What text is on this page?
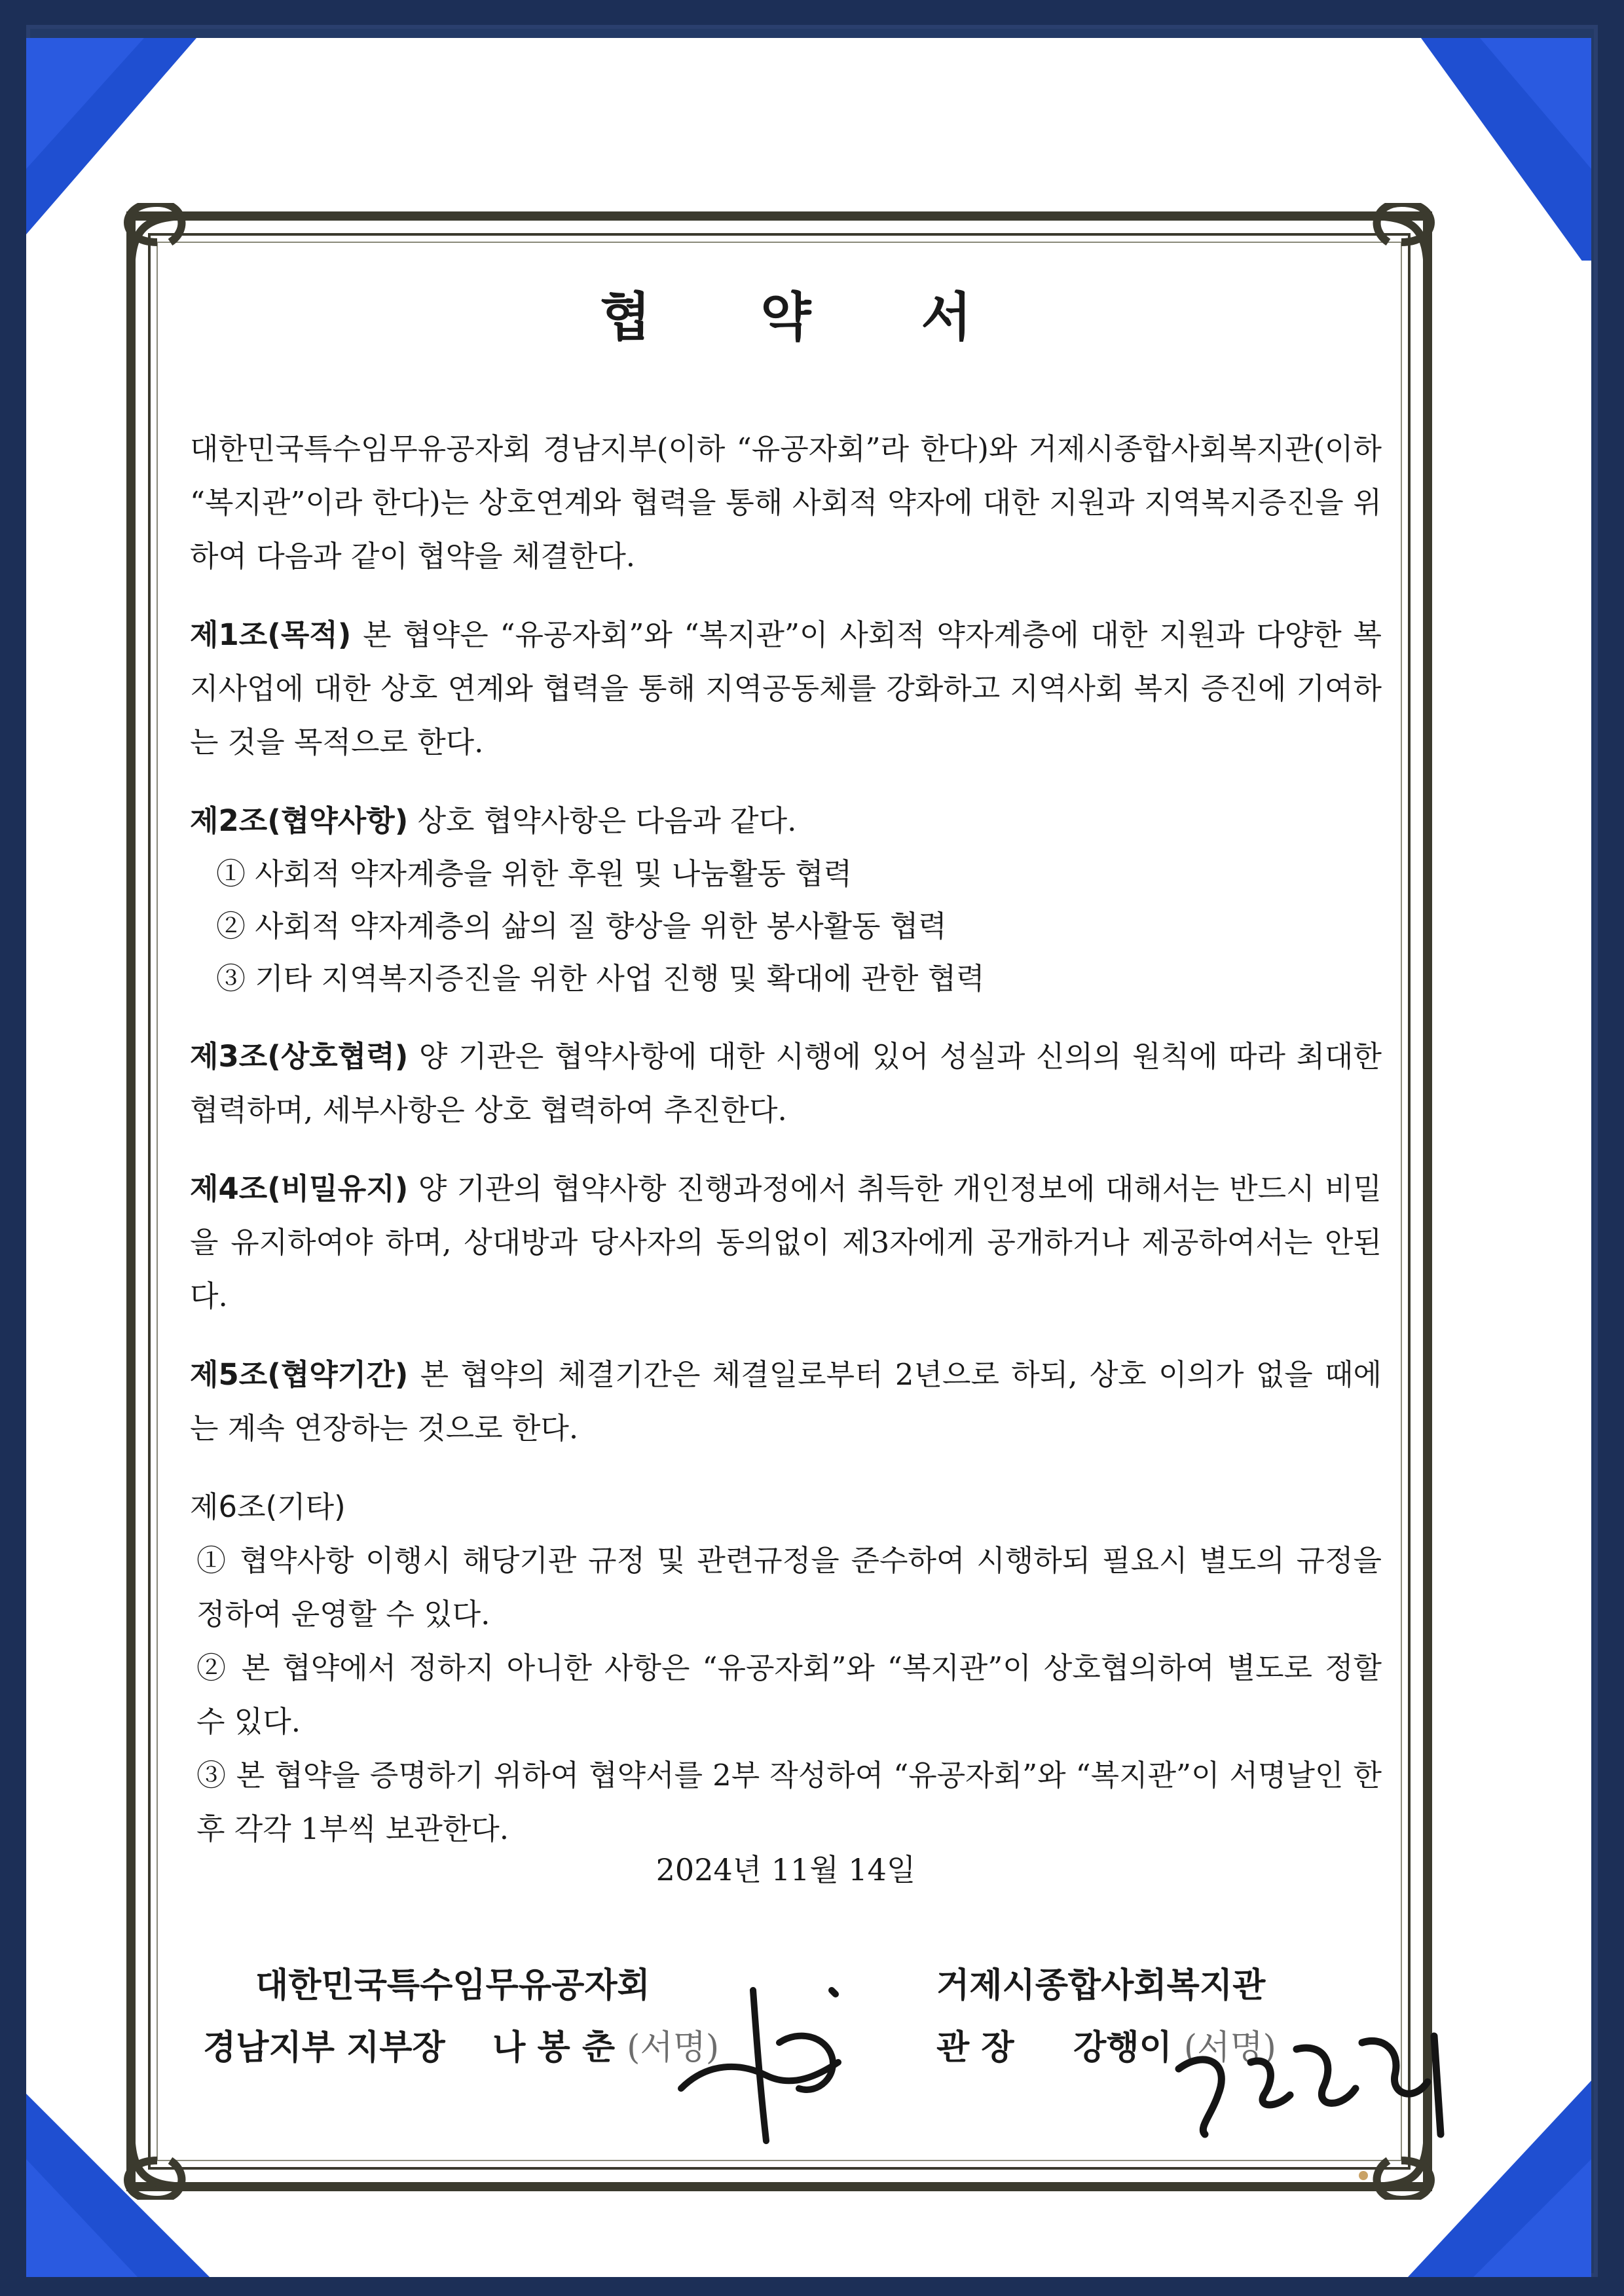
협 약 서

대한민국특수임무유공자회 경남지부(이하 “유공자회”라 한다)와 거제시종합사회복지관(이하 “복지관”이라 한다)는 상호연계와 협력을 통해 사회적 약자에 대한 지원과 지역복지증진을 위하여 다음과 같이 협약을 체결한다.

제1조(목적) 본 협약은 “유공자회”와 “복지관”이 사회적 약자계층에 대한 지원과 다양한 복지사업에 대한 상호 연계와 협력을 통해 지역공동체를 강화하고 지역사회 복지 증진에 기여하는 것을 목적으로 한다.

제2조(협약사항) 상호 협약사항은 다음과 같다.

① 사회적 약자계층을 위한 후원 및 나눔활동 협력

② 사회적 약자계층의 삶의 질 향상을 위한 봉사활동 협력

③ 기타 지역복지증진을 위한 사업 진행 및 확대에 관한 협력

제3조(상호협력) 양 기관은 협약사항에 대한 시행에 있어 성실과 신의의 원칙에 따라 최대한 협력하며, 세부사항은 상호 협력하여 추진한다.

제4조(비밀유지) 양 기관의 협약사항 진행과정에서 취득한 개인정보에 대해서는 반드시 비밀을 유지하여야 하며, 상대방과 당사자의 동의없이 제3자에게 공개하거나 제공하여서는 안된다.

제5조(협약기간) 본 협약의 체결기간은 체결일로부터 2년으로 하되, 상호 이의가 없을 때에는 계속 연장하는 것으로 한다.

제6조(기타)

① 협약사항 이행시 해당기관 규정 및 관련규정을 준수하여 시행하되 필요시 별도의 규정을 정하여 운영할 수 있다.

② 본 협약에서 정하지 아니한 사항은 “유공자회”와 “복지관”이 상호협의하여 별도로 정할 수 있다.

③ 본 협약을 증명하기 위하여 협약서를 2부 작성하여 “유공자회”와 “복지관”이 서명날인 한 후 각각 1부씩 보관한다.

2024년 11월 14일
대한민국특수임무유공자회
경남지부 지부장 나 봉 춘 (서명)
거제시종합사회복지관
관 장 강행이 (서명)
